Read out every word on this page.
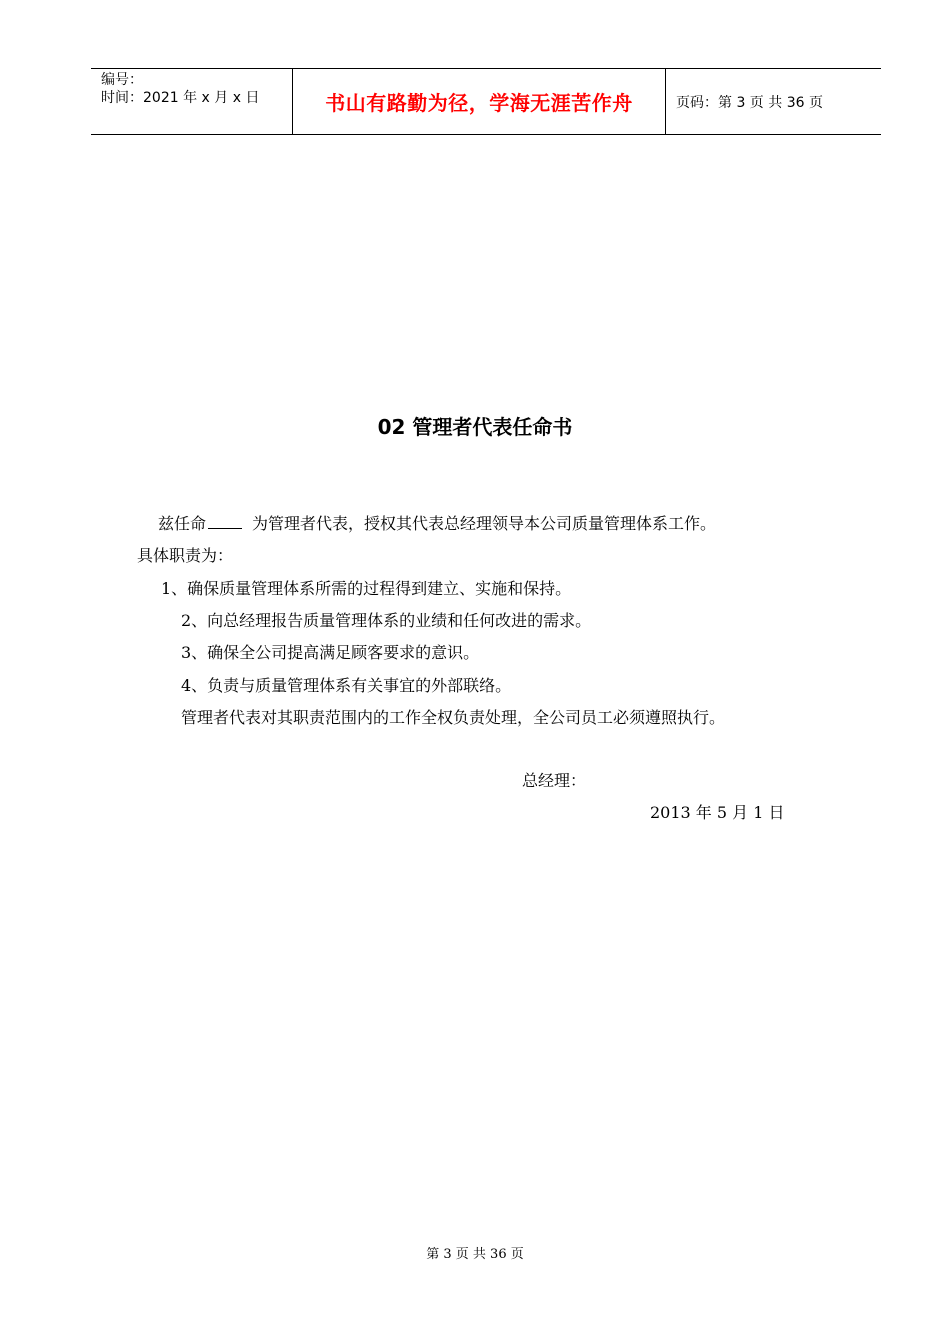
编号：
时间：2021 年 x 月 x 日	书山有路勤为径，学海无涯苦作舟	页码：第 3 页 共 36 页
02 管理者代表任命书
兹任命	为管理者代表，授权其代表总经理领导本公司质量管理体系工作。
具体职责为：
1、确保质量管理体系所需的过程得到建立、实施和保持。
2、向总经理报告质量管理体系的业绩和任何改进的需求。
3、确保全公司提高满足顾客要求的意识。
4、负责与质量管理体系有关事宜的外部联络。
管理者代表对其职责范围内的工作全权负责处理，全公司员工必须遵照执行。
总经理：
2013 年 5 月 1 日
第 3 页 共 36 页
